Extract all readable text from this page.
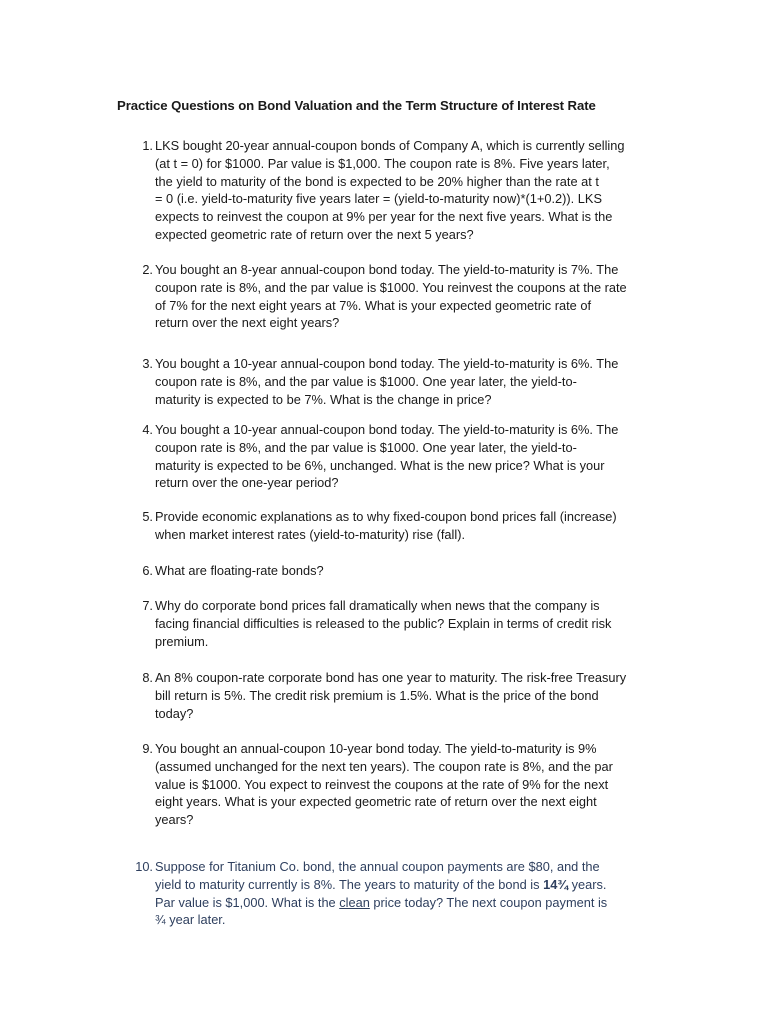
Practice Questions on Bond Valuation and the Term Structure of Interest Rate
1. LKS bought 20-year annual-coupon bonds of Company A, which is currently selling
(at t = 0) for $1000. Par value is $1,000. The coupon rate is 8%. Five years later,
the yield to maturity of the bond is expected to be 20% higher than the rate at t
= 0 (i.e. yield-to-maturity five years later = (yield-to-maturity now)*(1+0.2)). LKS
expects to reinvest the coupon at 9% per year for the next five years. What is the
expected geometric rate of return over the next 5 years?
2. You bought an 8-year annual-coupon bond today. The yield-to-maturity is 7%. The
coupon rate is 8%, and the par value is $1000. You reinvest the coupons at the rate
of 7% for the next eight years at 7%. What is your expected geometric rate of
return over the next eight years?
3. You bought a 10-year annual-coupon bond today. The yield-to-maturity is 6%. The
coupon rate is 8%, and the par value is $1000. One year later, the yield-to-
maturity is expected to be 7%. What is the change in price?
4. You bought a 10-year annual-coupon bond today. The yield-to-maturity is 6%. The
coupon rate is 8%, and the par value is $1000. One year later, the yield-to-
maturity is expected to be 6%, unchanged. What is the new price? What is your
return over the one-year period?
5. Provide economic explanations as to why fixed-coupon bond prices fall (increase)
when market interest rates (yield-to-maturity) rise (fall).
6. What are floating-rate bonds?
7. Why do corporate bond prices fall dramatically when news that the company is
facing financial difficulties is released to the public? Explain in terms of credit risk
premium.
8. An 8% coupon-rate corporate bond has one year to maturity. The risk-free Treasury
bill return is 5%. The credit risk premium is 1.5%. What is the price of the bond
today?
9. You bought an annual-coupon 10-year bond today. The yield-to-maturity is 9%
(assumed unchanged for the next ten years). The coupon rate is 8%, and the par
value is $1000. You expect to reinvest the coupons at the rate of 9% for the next
eight years. What is your expected geometric rate of return over the next eight
years?
10. Suppose for Titanium Co. bond, the annual coupon payments are $80, and the
yield to maturity currently is 8%. The years to maturity of the bond is 14¾ years.
Par value is $1,000. What is the clean price today? The next coupon payment is
¾ year later.
